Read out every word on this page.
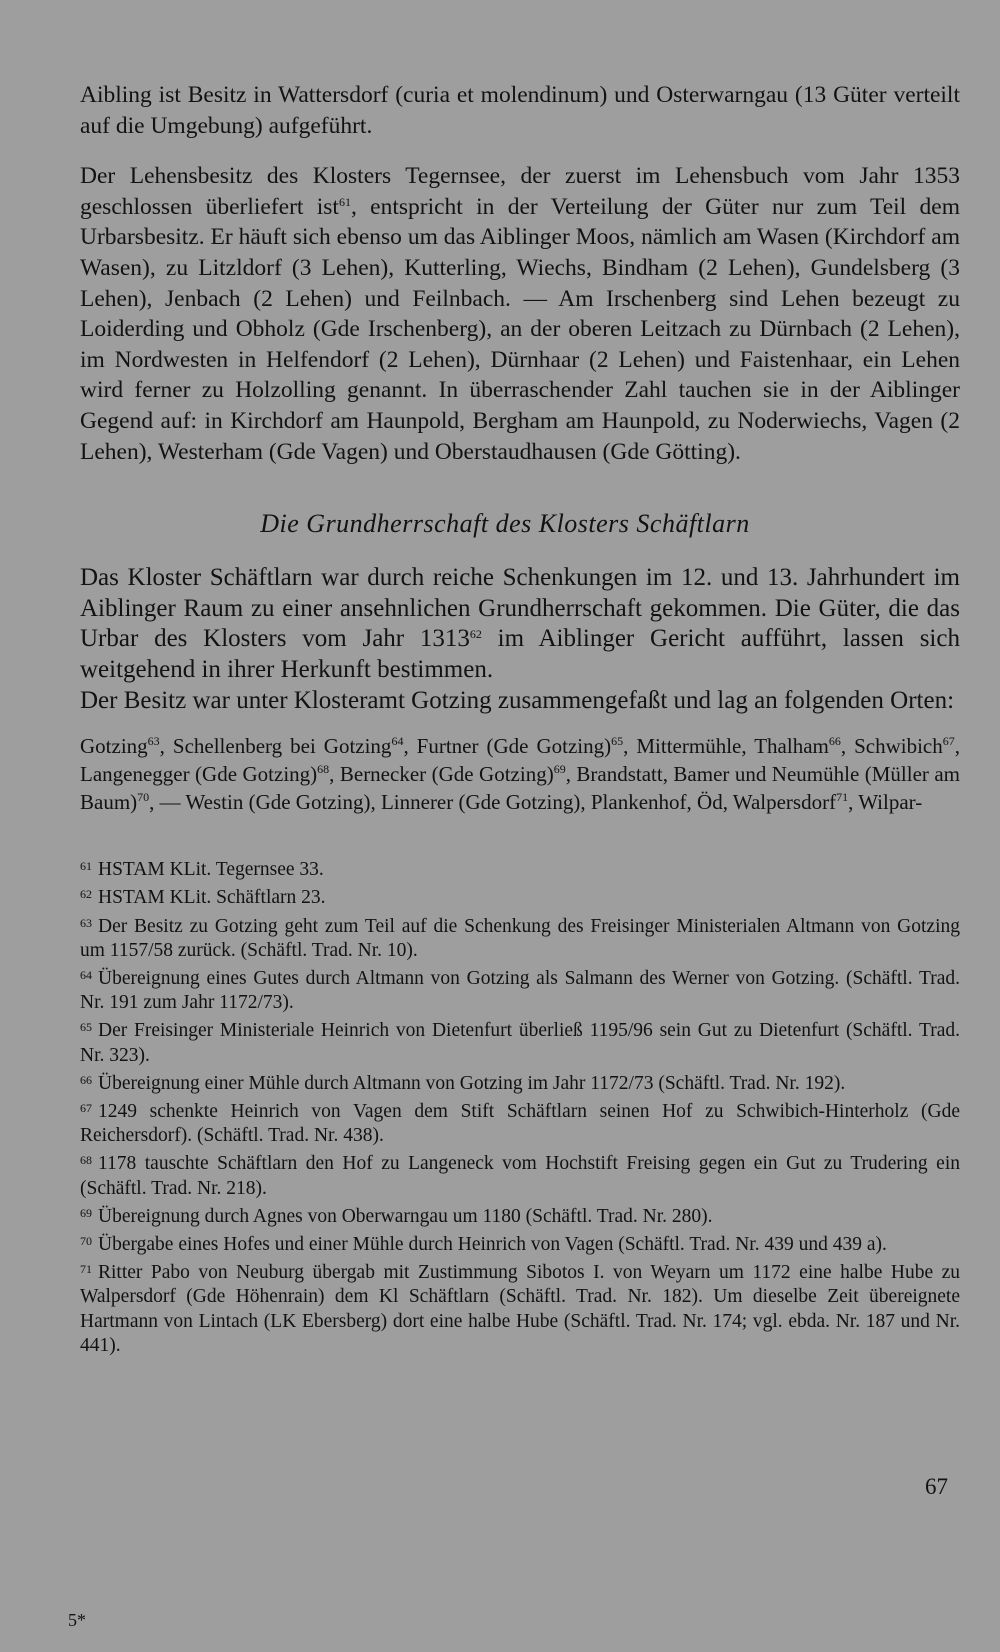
Aibling ist Besitz in Wattersdorf (curia et molendinum) und Osterwarngau (13 Güter verteilt auf die Umgebung) aufgeführt.

Der Lehensbesitz des Klosters Tegernsee, der zuerst im Lehensbuch vom Jahr 1353 geschlossen überliefert ist$^{61}$, entspricht in der Verteilung der Güter nur zum Teil dem Urbarsbesitz. Er häuft sich ebenso um das Aiblinger Moos, nämlich am Wasen (Kirchdorf am Wasen), zu Litzldorf (3 Lehen), Kutterling, Wiechs, Bindham (2 Lehen), Gundelsberg (3 Lehen), Jenbach (2 Lehen) und Feilnbach. — Am Irschenberg sind Lehen bezeugt zu Loiderding und Obholz (Gde Irschenberg), an der oberen Leitzach zu Dürnbach (2 Lehen), im Nordwesten in Helfendorf (2 Lehen), Dürnhaar (2 Lehen) und Faistenhaar, ein Lehen wird ferner zu Holzolling genannt. In überraschender Zahl tauchen sie in der Aiblinger Gegend auf: in Kirchdorf am Haunpold, Bergham am Haunpold, zu Noderwiechs, Vagen (2 Lehen), Westerham (Gde Vagen) und Oberstaudhausen (Gde Götting).

Die Grundherrschaft des Klosters Schäftlarn

Das Kloster Schäftlarn war durch reiche Schenkungen im 12. und 13. Jahrhundert im Aiblinger Raum zu einer ansehnlichen Grundherrschaft gekommen. Die Güter, die das Urbar des Klosters vom Jahr 1313$^{62}$ im Aiblinger Gericht aufführt, lassen sich weitgehend in ihrer Herkunft bestimmen.

Der Besitz war unter Klosteramt Gotzing zusammengefaßt und lag an folgenden Orten:

Gotzing$^{63}$, Schellenberg bei Gotzing$^{64}$, Furtner (Gde Gotzing)$^{65}$, Mittermühle, Thalham$^{66}$, Schwibich$^{67}$, Langenegger (Gde Gotzing)$^{68}$, Bernecker (Gde Gotzing)$^{69}$, Brandstatt, Bamer und Neumühle (Müller am Baum)$^{70}$, — Westin (Gde Gotzing), Linnerer (Gde Gotzing), Plankenhof, Öd, Walpersdorf$^{71}$, Wilpar-

$^{61}$ HSTAM KLit. Tegernsee 33.

$^{62}$ HSTAM KLit. Schäftlarn 23.

$^{63}$ Der Besitz zu Gotzing geht zum Teil auf die Schenkung des Freisinger Ministerialen Altmann von Gotzing um 1157/58 zurück. (Schäftl. Trad. Nr. 10).

$^{64}$ Übereignung eines Gutes durch Altmann von Gotzing als Salmann des Werner von Gotzing. (Schäftl. Trad. Nr. 191 zum Jahr 1172/73).

$^{65}$ Der Freisinger Ministeriale Heinrich von Dietenfurt überließ 1195/96 sein Gut zu Dietenfurt (Schäftl. Trad. Nr. 323).

$^{66}$ Übereignung einer Mühle durch Altmann von Gotzing im Jahr 1172/73 (Schäftl. Trad. Nr. 192).

$^{67}$ 1249 schenkte Heinrich von Vagen dem Stift Schäftlarn seinen Hof zu Schwibich-Hinterholz (Gde Reichersdorf). (Schäftl. Trad. Nr. 438).

$^{68}$ 1178 tauschte Schäftlarn den Hof zu Langeneck vom Hochstift Freising gegen ein Gut zu Trudering ein (Schäftl. Trad. Nr. 218).

$^{69}$ Übereignung durch Agnes von Oberwarngau um 1180 (Schäftl. Trad. Nr. 280).

$^{70}$ Übergabe eines Hofes und einer Mühle durch Heinrich von Vagen (Schäftl. Trad. Nr. 439 und 439 a).

$^{71}$ Ritter Pabo von Neuburg übergab mit Zustimmung Sibotos I. von Weyarn um 1172 eine halbe Hube zu Walpersdorf (Gde Höhenrain) dem Kl Schäftlarn (Schäftl. Trad. Nr. 182). Um dieselbe Zeit übereignete Hartmann von Lintach (LK Ebersberg) dort eine halbe Hube (Schäftl. Trad. Nr. 174; vgl. ebda. Nr. 187 und Nr. 441).

67
5*
